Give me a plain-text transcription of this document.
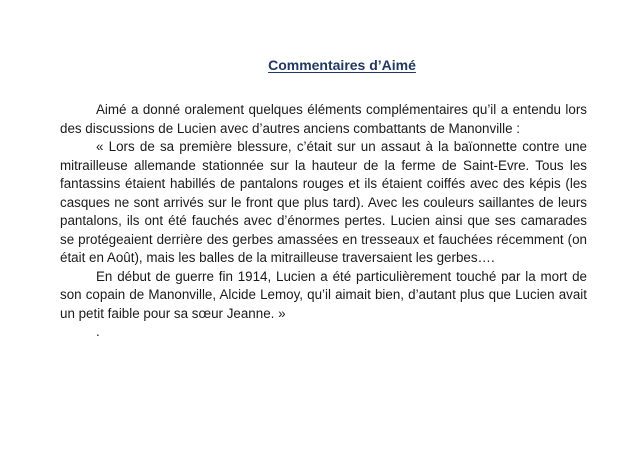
Commentaires d’Aimé

Aimé a donné oralement quelques éléments complémentaires qu’il a entendu lors des discussions de Lucien avec d’autres anciens combattants de Manonville :

« Lors de sa première blessure, c’était sur un assaut à la baïonnette contre une mitrailleuse allemande stationnée sur la hauteur de la ferme de Saint-Evre. Tous les fantassins étaient habillés de pantalons rouges et ils étaient coiffés avec des képis (les casques ne sont arrivés sur le front que plus tard). Avec les couleurs saillantes de leurs pantalons, ils ont été fauchés avec d’énormes pertes. Lucien ainsi que ses camarades se protégeaient derrière des gerbes amassées en tresseaux et fauchées récemment (on était en Août), mais les balles de la mitrailleuse traversaient les gerbes….

En début de guerre fin 1914, Lucien a été particulièrement touché par la mort de son copain de Manonville, Alcide Lemoy, qu’il aimait bien, d’autant plus que Lucien avait un petit faible pour sa sœur Jeanne. »

.
